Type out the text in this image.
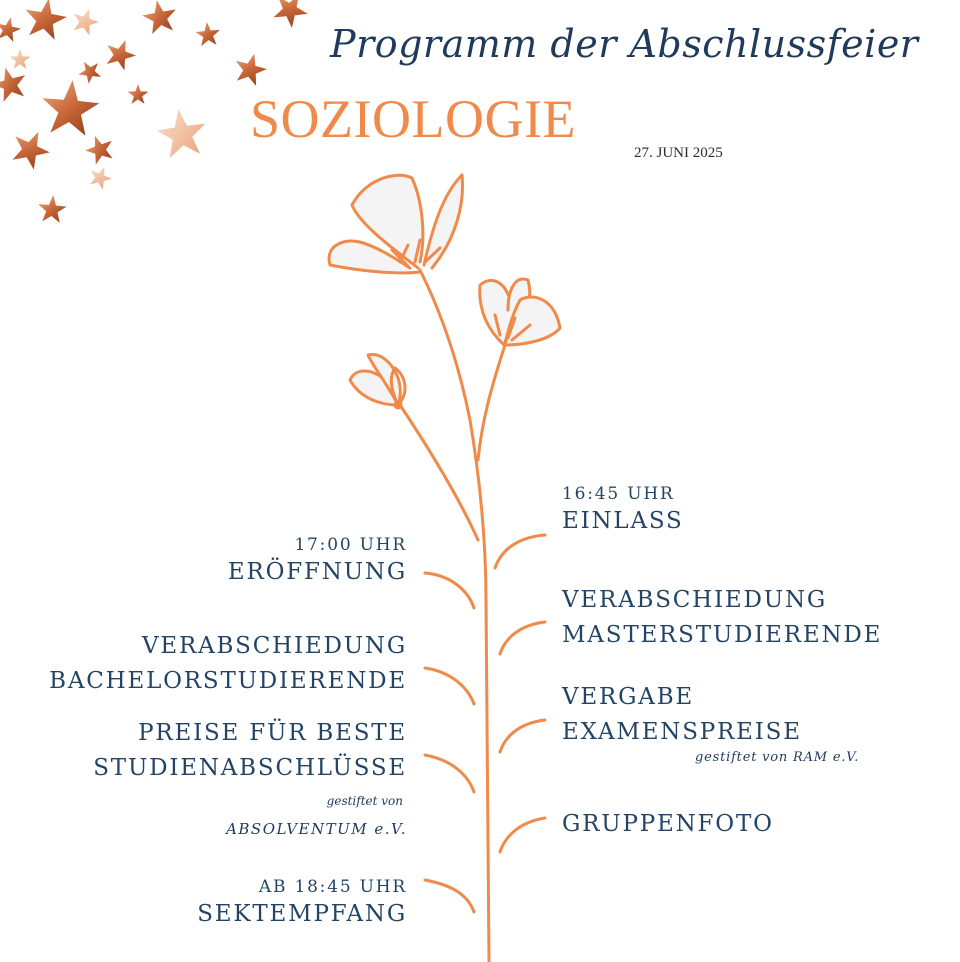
Programm der Abschlussfeier
SOZIOLOGIE
27. JUNI 2025
17:00 UHR
ERÖFFNUNG
VERABSCHIEDUNG
BACHELORSTUDIERENDE
PREISE FÜR BESTE
STUDIENABSCHLÜSSE
gestiftet von
ABSOLVENTUM e.V.
AB 18:45 UHR
SEKTEMPFANG
16:45 UHR
EINLASS
VERABSCHIEDUNG
MASTERSTUDIERENDE
VERGABE
EXAMENSPREISE
gestiftet von RAM e.V.
GRUPPENFOTO
